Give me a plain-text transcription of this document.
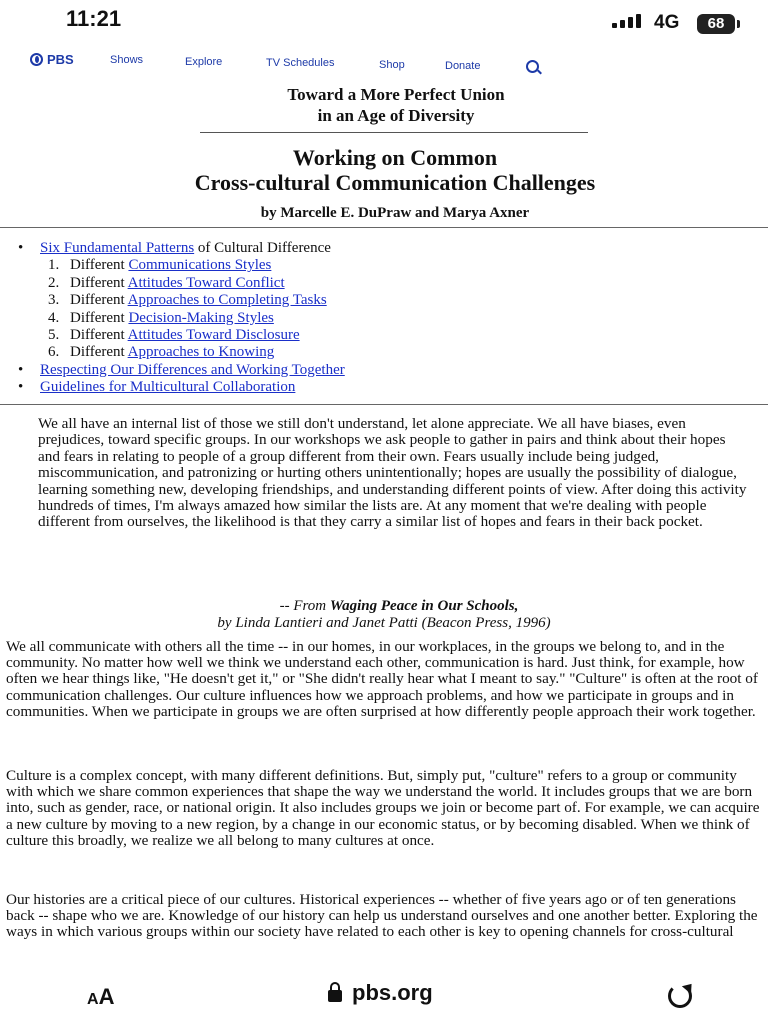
11:21	4G	68
PBS	Shows	Explore	TV Schedules	Shop	Donate
Toward a More Perfect Union
in an Age of Diversity
Working on Common
Cross-cultural Communication Challenges
by Marcelle E. DuPraw and Marya Axner
• Six Fundamental Patterns of Cultural Difference
1. Different Communications Styles
2. Different Attitudes Toward Conflict
3. Different Approaches to Completing Tasks
4. Different Decision-Making Styles
5. Different Attitudes Toward Disclosure
6. Different Approaches to Knowing
• Respecting Our Differences and Working Together
• Guidelines for Multicultural Collaboration
We all have an internal list of those we still don't understand, let alone appreciate. We all have biases, even prejudices, toward specific groups. In our workshops we ask people to gather in pairs and think about their hopes and fears in relating to people of a group different from their own. Fears usually include being judged, miscommunication, and patronizing or hurting others unintentionally; hopes are usually the possibility of dialogue, learning something new, developing friendships, and understanding different points of view. After doing this activity hundreds of times, I'm always amazed how similar the lists are. At any moment that we're dealing with people different from ourselves, the likelihood is that they carry a similar list of hopes and fears in their back pocket.
-- From Waging Peace in Our Schools,
by Linda Lantieri and Janet Patti (Beacon Press, 1996)
We all communicate with others all the time -- in our homes, in our workplaces, in the groups we belong to, and in the community. No matter how well we think we understand each other, communication is hard. Just think, for example, how often we hear things like, "He doesn't get it," or "She didn't really hear what I meant to say." "Culture" is often at the root of communication challenges. Our culture influences how we approach problems, and how we participate in groups and in communities. When we participate in groups we are often surprised at how differently people approach their work together.
Culture is a complex concept, with many different definitions. But, simply put, "culture" refers to a group or community with which we share common experiences that shape the way we understand the world. It includes groups that we are born into, such as gender, race, or national origin. It also includes groups we join or become part of. For example, we can acquire a new culture by moving to a new region, by a change in our economic status, or by becoming disabled. When we think of culture this broadly, we realize we all belong to many cultures at once.
Our histories are a critical piece of our cultures. Historical experiences -- whether of five years ago or of ten generations back -- shape who we are. Knowledge of our history can help us understand ourselves and one another better. Exploring the ways in which various groups within our society have related to each other is key to opening channels for cross-cultural
AA	pbs.org
